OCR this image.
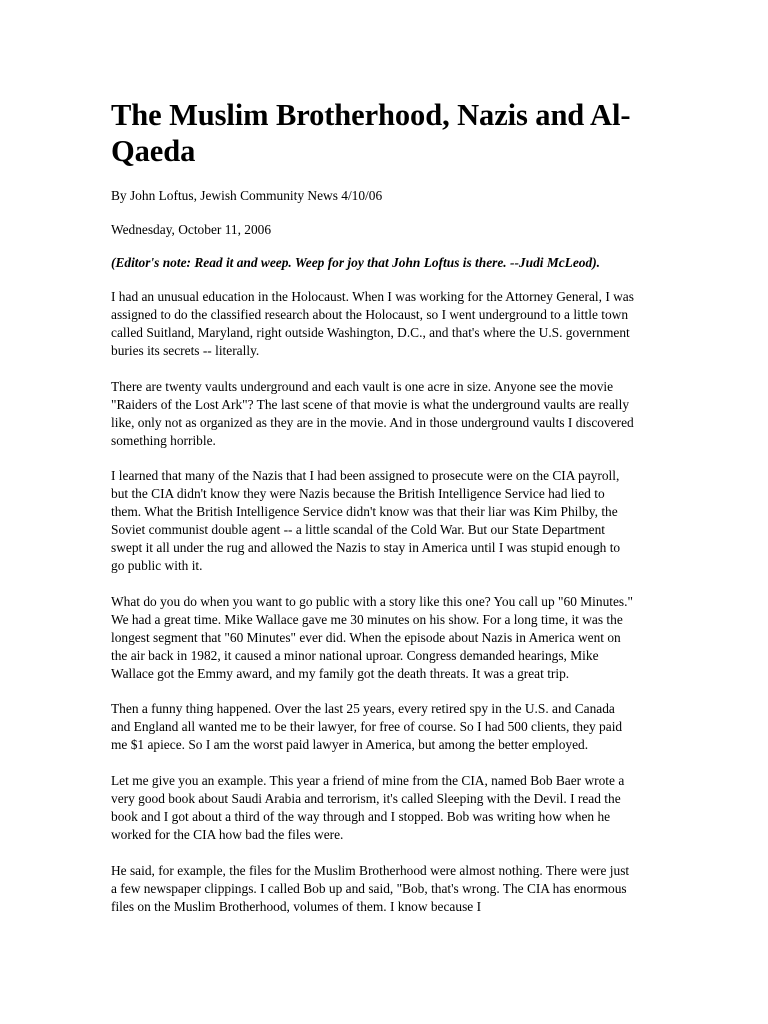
The Muslim Brotherhood, Nazis and Al-Qaeda

By John Loftus, Jewish Community News 4/10/06

Wednesday, October 11, 2006

(Editor's note: Read it and weep. Weep for joy that John Loftus is there. --Judi McLeod).

I had an unusual education in the Holocaust. When I was working for the Attorney General, I was assigned to do the classified research about the Holocaust, so I went underground to a little town called Suitland, Maryland, right outside Washington, D.C., and that's where the U.S. government buries its secrets -- literally.

There are twenty vaults underground and each vault is one acre in size. Anyone see the movie "Raiders of the Lost Ark"? The last scene of that movie is what the underground vaults are really like, only not as organized as they are in the movie. And in those underground vaults I discovered something horrible.

I learned that many of the Nazis that I had been assigned to prosecute were on the CIA payroll, but the CIA didn't know they were Nazis because the British Intelligence Service had lied to them. What the British Intelligence Service didn't know was that their liar was Kim Philby, the Soviet communist double agent -- a little scandal of the Cold War. But our State Department swept it all under the rug and allowed the Nazis to stay in America until I was stupid enough to go public with it.

What do you do when you want to go public with a story like this one? You call up "60 Minutes." We had a great time. Mike Wallace gave me 30 minutes on his show. For a long time, it was the longest segment that "60 Minutes" ever did. When the episode about Nazis in America went on the air back in 1982, it caused a minor national uproar. Congress demanded hearings, Mike Wallace got the Emmy award, and my family got the death threats. It was a great trip.

Then a funny thing happened. Over the last 25 years, every retired spy in the U.S. and Canada and England all wanted me to be their lawyer, for free of course. So I had 500 clients, they paid me $1 apiece. So I am the worst paid lawyer in America, but among the better employed.

Let me give you an example. This year a friend of mine from the CIA, named Bob Baer wrote a very good book about Saudi Arabia and terrorism, it's called Sleeping with the Devil. I read the book and I got about a third of the way through and I stopped. Bob was writing how when he worked for the CIA how bad the files were.

He said, for example, the files for the Muslim Brotherhood were almost nothing. There were just a few newspaper clippings. I called Bob up and said, "Bob, that's wrong. The CIA has enormous files on the Muslim Brotherhood, volumes of them. I know because I
